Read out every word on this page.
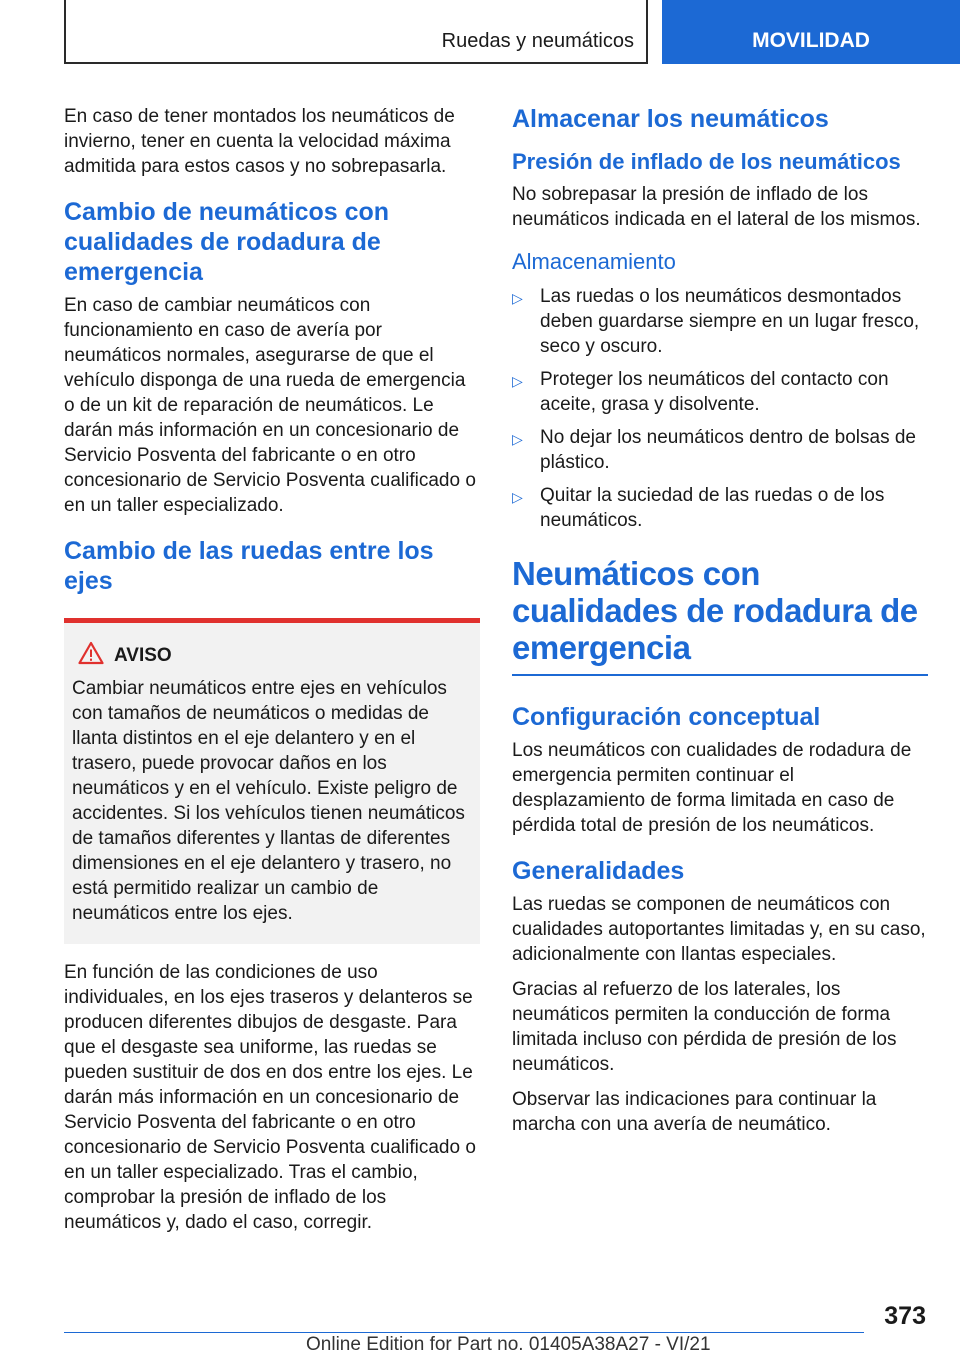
Ruedas y neumáticos	MOVILIDAD

En caso de tener montados los neumáticos de invierno, tener en cuenta la velocidad máxima admitida para estos casos y no sobrepasarla.

Cambio de neumáticos con cualidades de rodadura de emergencia

En caso de cambiar neumáticos con funcionamiento en caso de avería por neumáticos normales, asegurarse de que el vehículo disponga de una rueda de emergencia o de un kit de reparación de neumáticos. Le darán más información en un concesionario de Servicio Posventa del fabricante o en otro concesionario de Servicio Posventa cualificado o en un taller especializado.

Cambio de las ruedas entre los ejes
AVISO

Cambiar neumáticos entre ejes en vehículos con tamaños de neumáticos o medidas de llanta distintos en el eje delantero y en el trasero, puede provocar daños en los neumáticos y en el vehículo. Existe peligro de accidentes. Si los vehículos tienen neumáticos de tamaños diferentes y llantas de diferentes dimensiones en el eje delantero y trasero, no está permitido realizar un cambio de neumáticos entre los ejes.

En función de las condiciones de uso individuales, en los ejes traseros y delanteros se producen diferentes dibujos de desgaste. Para que el desgaste sea uniforme, las ruedas se pueden sustituir de dos en dos entre los ejes. Le darán más información en un concesionario de Servicio Posventa del fabricante o en otro concesionario de Servicio Posventa cualificado o en un taller especializado. Tras el cambio, comprobar la presión de inflado de los neumáticos y, dado el caso, corregir.

Almacenar los neumáticos
Presión de inflado de los neumáticos

No sobrepasar la presión de inflado de los neumáticos indicada en el lateral de los mismos.

Almacenamiento
▷ Las ruedas o los neumáticos desmontados deben guardarse siempre en un lugar fresco, seco y oscuro.
▷ Proteger los neumáticos del contacto con aceite, grasa y disolvente.
▷ No dejar los neumáticos dentro de bolsas de plástico.
▷ Quitar la suciedad de las ruedas o de los neumáticos.
Neumáticos con cualidades de rodadura de emergencia
Configuración conceptual

Los neumáticos con cualidades de rodadura de emergencia permiten continuar el desplazamiento de forma limitada en caso de pérdida total de presión de los neumáticos.

Generalidades

Las ruedas se componen de neumáticos con cualidades autoportantes limitadas y, en su caso, adicionalmente con llantas especiales.

Gracias al refuerzo de los laterales, los neumáticos permiten la conducción de forma limitada incluso con pérdida de presión de los neumáticos.

Observar las indicaciones para continuar la marcha con una avería de neumático.

373
Online Edition for Part no. 01405A38A27 - VI/21
